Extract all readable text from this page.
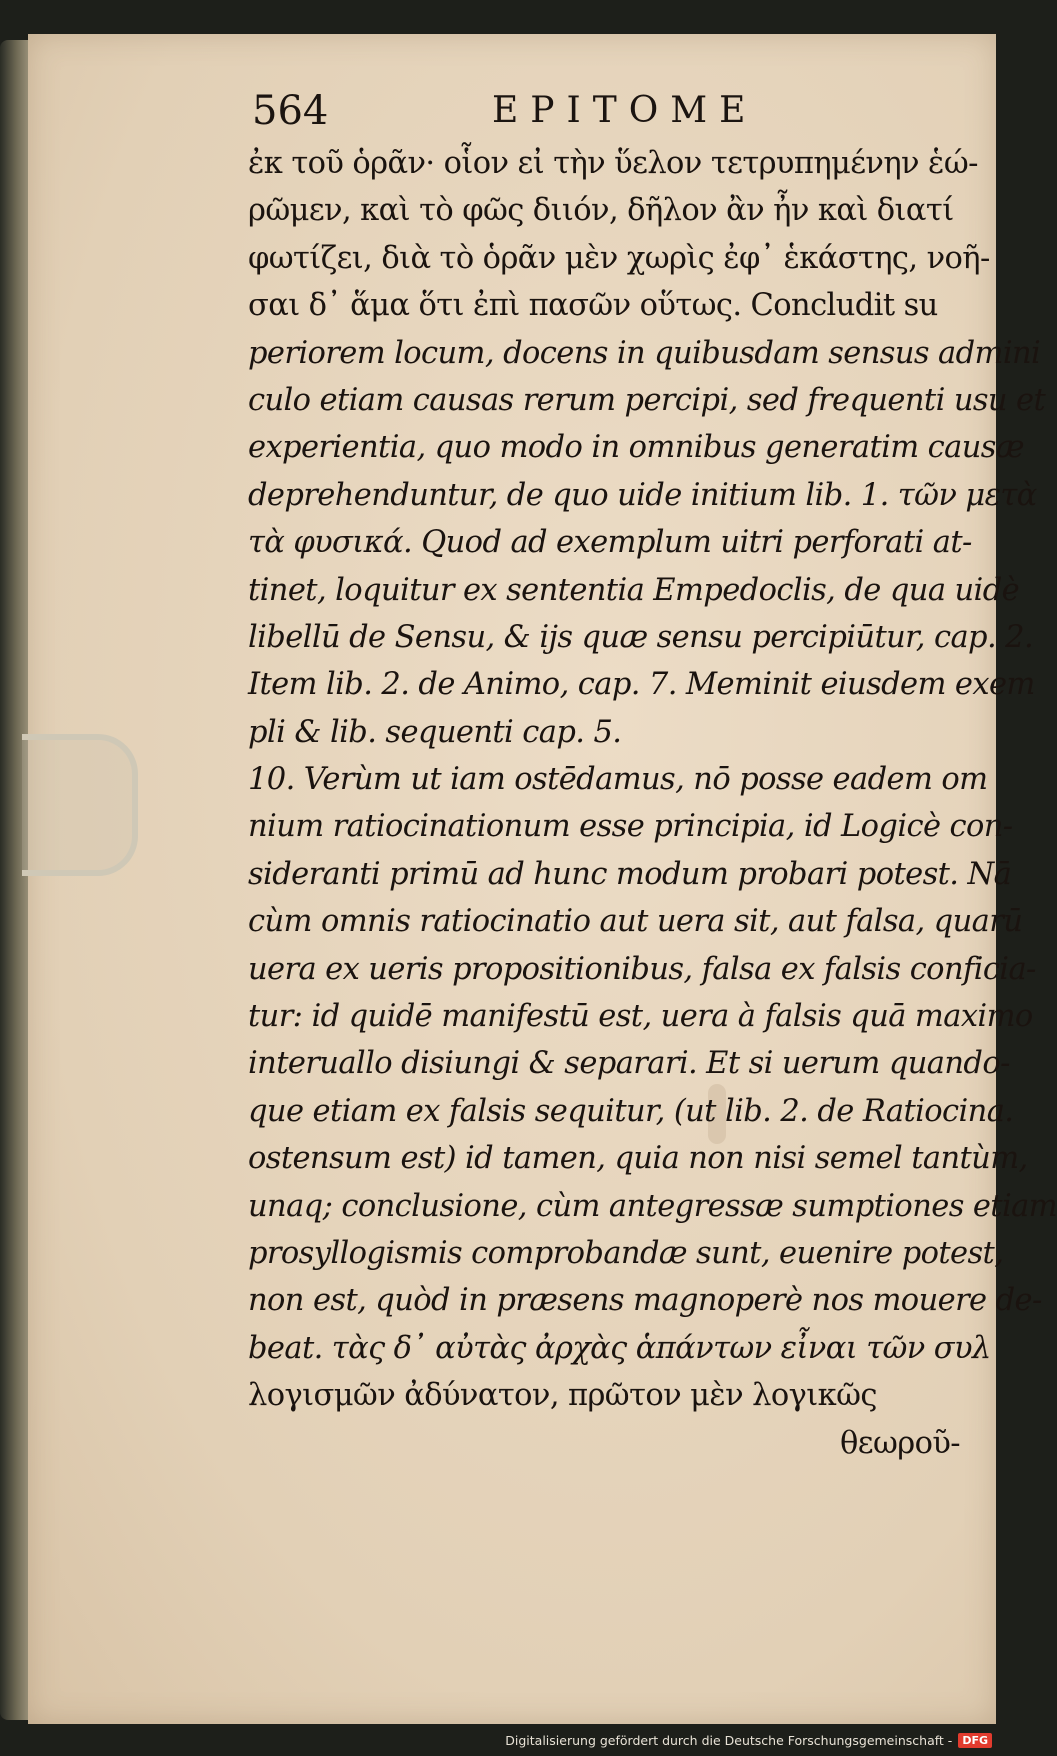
564	EPITOME
ἐκ τοῦ ὁρᾶν· οἷον εἰ τὴν ὕελον τετρυπημένην ἑώ-
ρῶμεν, καὶ τὸ φῶς διιόν, δῆλον ἂν ἦν καὶ διατί
φωτίζει, διὰ τὸ ὁρᾶν μὲν χωρὶς ἐφ᾽ ἑκάστης, νοῆ-
σαι δ᾽ ἅμα ὅτι ἐπὶ πασῶν οὕτως. Concludit su
periorem locum, docens in quibusdam sensus admini
culo etiam causas rerum percipi, sed frequenti usu et
experientia, quo modo in omnibus generatim causæ
deprehenduntur, de quo uide initium lib. 1. τῶν μετὰ
τὰ φυσικά. Quod ad exemplum uitri perforati at-
tinet, loquitur ex sententia Empedoclis, de qua uidè
libellū de Sensu, & ijs quæ sensu percipiūtur, cap. 2.
Item lib. 2. de Animo, cap. 7. Meminit eiusdem exem
pli & lib. sequenti cap. 5.
10. Verùm ut iam ostēdamus, nō posse eadem om
nium ratiocinationum esse principia, id Logicè con-
sideranti primū ad hunc modum probari potest. Nā
cùm omnis ratiocinatio aut uera sit, aut falsa, quarū
uera ex ueris propositionibus, falsa ex falsis conficia-
tur: id quidē manifestū est, uera à falsis quā maximo
interuallo disiungi & separari. Et si uerum quando-
que etiam ex falsis sequitur, (ut lib. 2. de Ratiocina.
ostensum est) id tamen, quia non nisi semel tantùm,
unaq; conclusione, cùm antegressæ sumptiones etiam
prosyllogismis comprobandæ sunt, euenire potest,
non est, quòd in præsens magnoperè nos mouere de-
beat. τὰς δ᾽ αὐτὰς ἀρχὰς ἁπάντων εἶναι τῶν συλ
λογισμῶν ἀδύνατον, πρῶτον μὲν λογικῶς
θεωροῦ-
Digitalisierung gefördert durch die Deutsche Forschungsgemeinschaft - DFG
